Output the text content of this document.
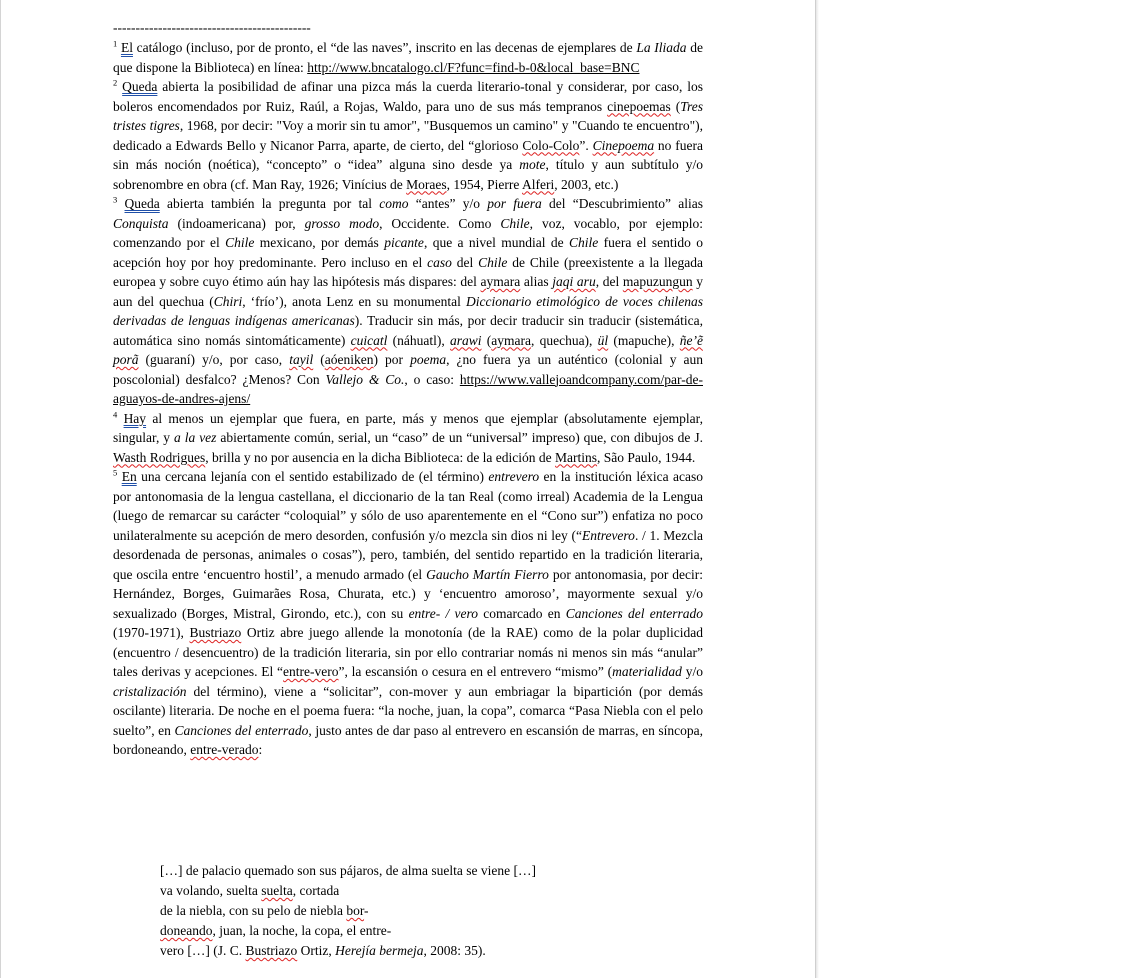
--------------------------------------------

$^1$ El catálogo (incluso, por de pronto, el “de las naves”, inscrito en las decenas de ejemplares de La Iliada de que dispone la Biblioteca) en línea: http://www.bncatalogo.cl/F?func=find-b-0&local_base=BNC

$^2$ Queda abierta la posibilidad de afinar una pizca más la cuerda literario-tonal y considerar, por caso, los boleros encomendados por Ruiz, Raúl, a Rojas, Waldo, para uno de sus más tempranos cinepoemas (Tres tristes tigres, 1968, por decir: "Voy a morir sin tu amor", "Busquemos un camino" y "Cuando te encuentro"), dedicado a Edwards Bello y Nicanor Parra, aparte, de cierto, del “glorioso Colo-Colo”. Cinepoema no fuera sin más noción (noética), “concepto” o “idea” alguna sino desde ya mote, título y aun subtítulo y/o sobrenombre en obra (cf. Man Ray, 1926; Vinícius de Moraes, 1954, Pierre Alferi, 2003, etc.)

$^3$ Queda abierta también la pregunta por tal como “antes” y/o por fuera del “Descubrimiento” alias Conquista (indoamericana) por, grosso modo, Occidente. Como Chile, voz, vocablo, por ejemplo: comenzando por el Chile mexicano, por demás picante, que a nivel mundial de Chile fuera el sentido o acepción hoy por hoy predominante. Pero incluso en el caso del Chile de Chile (preexistente a la llegada europea y sobre cuyo étimo aún hay las hipótesis más dispares: del aymara alias jaqi aru, del mapuzungun y aun del quechua (Chiri, ‘frío’), anota Lenz en su monumental Diccionario etimológico de voces chilenas derivadas de lenguas indígenas americanas). Traducir sin más, por decir traducir sin traducir (sistemática, automática sino nomás sintomáticamente) cuicatl (náhuatl), arawi (aymara, quechua), ül (mapuche), ñe’ẽ porã (guaraní) y/o, por caso, tayil (aóeniken) por poema, ¿no fuera ya un auténtico (colonial y aun poscolonial) desfalco? ¿Menos? Con Vallejo & Co., o caso: https://www.vallejoandcompany.com/par-de-aguayos-de-andres-ajens/

$^4$ Hay al menos un ejemplar que fuera, en parte, más y menos que ejemplar (absolutamente ejemplar, singular, y a la vez abiertamente común, serial, un “caso” de un “universal” impreso) que, con dibujos de J. Wasth Rodrigues, brilla y no por ausencia en la dicha Biblioteca: de la edición de Martins, São Paulo, 1944.

$^5$ En una cercana lejanía con el sentido estabilizado de (el término) entrevero en la institución léxica acaso por antonomasia de la lengua castellana, el diccionario de la tan Real (como irreal) Academia de la Lengua (luego de remarcar su carácter “coloquial” y sólo de uso aparentemente en el “Cono sur”) enfatiza no poco unilateralmente su acepción de mero desorden, confusión y/o mezcla sin dios ni ley (“Entrevero. / 1. Mezcla desordenada de personas, animales o cosas”), pero, también, del sentido repartido en la tradición literaria, que oscila entre ‘encuentro hostil’, a menudo armado (el Gaucho Martín Fierro por antonomasia, por decir: Hernández, Borges, Guimarães Rosa, Churata, etc.) y ‘encuentro amoroso’, mayormente sexual y/o sexualizado (Borges, Mistral, Girondo, etc.), con su entre- / vero comarcado en Canciones del enterrado (1970-1971), Bustriazo Ortiz abre juego allende la monotonía (de la RAE) como de la polar duplicidad (encuentro / desencuentro) de la tradición literaria, sin por ello contrariar nomás ni menos sin más “anular” tales derivas y acepciones. El “entre-vero”, la escansión o cesura en el entrevero “mismo” (materialidad y/o cristalización del término), viene a “solicitar”, con-mover y aun embriagar la bipartición (por demás oscilante) literaria. De noche en el poema fuera: “la noche, juan, la copa”, comarca “Pasa Niebla con el pelo suelto”, en Canciones del enterrado, justo antes de dar paso al entrevero en escansión de marras, en síncopa, bordoneando, entre-verado:

[…] de palacio quemado son sus pájaros, de alma suelta se viene […]
va volando, suelta suelta, cortada
de la niebla, con su pelo de niebla bor-
doneando, juan, la noche, la copa, el entre-
vero […] (J. C. Bustriazo Ortiz, Herejía bermeja, 2008: 35).
